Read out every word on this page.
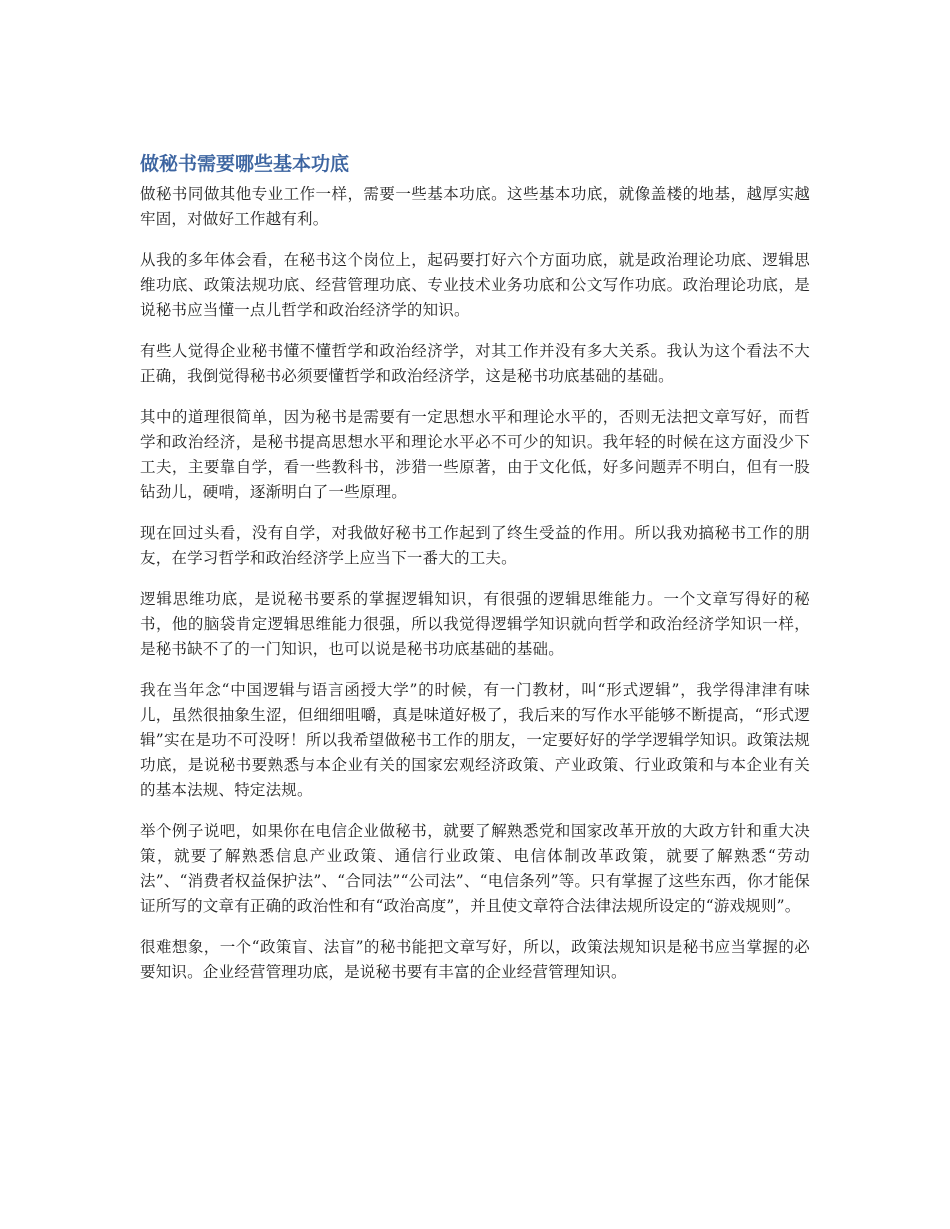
做秘书需要哪些基本功底

做秘书同做其他专业工作一样，需要一些基本功底。这些基本功底，就像盖楼的地基，越厚实越牢固，对做好工作越有利。

从我的多年体会看，在秘书这个岗位上，起码要打好六个方面功底，就是政治理论功底、逻辑思维功底、政策法规功底、经营管理功底、专业技术业务功底和公文写作功底。政治理论功底，是说秘书应当懂一点儿哲学和政治经济学的知识。

有些人觉得企业秘书懂不懂哲学和政治经济学，对其工作并没有多大关系。我认为这个看法不大正确，我倒觉得秘书必须要懂哲学和政治经济学，这是秘书功底基础的基础。

其中的道理很简单，因为秘书是需要有一定思想水平和理论水平的，否则无法把文章写好，而哲学和政治经济，是秘书提高思想水平和理论水平必不可少的知识。我年轻的时候在这方面没少下工夫，主要靠自学，看一些教科书，涉猎一些原著，由于文化低，好多问题弄不明白，但有一股钻劲儿，硬啃，逐渐明白了一些原理。

现在回过头看，没有自学，对我做好秘书工作起到了终生受益的作用。所以我劝搞秘书工作的朋友，在学习哲学和政治经济学上应当下一番大的工夫。

逻辑思维功底，是说秘书要系的掌握逻辑知识，有很强的逻辑思维能力。一个文章写得好的秘书，他的脑袋肯定逻辑思维能力很强，所以我觉得逻辑学知识就向哲学和政治经济学知识一样，是秘书缺不了的一门知识，也可以说是秘书功底基础的基础。

我在当年念“中国逻辑与语言函授大学”的时候，有一门教材，叫“形式逻辑”，我学得津津有味儿，虽然很抽象生涩，但细细咀嚼，真是味道好极了，我后来的写作水平能够不断提高，“形式逻辑”实在是功不可没呀！所以我希望做秘书工作的朋友，一定要好好的学学逻辑学知识。政策法规功底，是说秘书要熟悉与本企业有关的国家宏观经济政策、产业政策、行业政策和与本企业有关的基本法规、特定法规。

举个例子说吧，如果你在电信企业做秘书，就要了解熟悉党和国家改革开放的大政方针和重大决策，就要了解熟悉信息产业政策、通信行业政策、电信体制改革政策，就要了解熟悉“劳动法”、“消费者权益保护法”、“合同法”“公司法”、“电信条列”等。只有掌握了这些东西，你才能保证所写的文章有正确的政治性和有“政治高度”，并且使文章符合法律法规所设定的“游戏规则”。

很难想象，一个“政策盲、法盲”的秘书能把文章写好，所以，政策法规知识是秘书应当掌握的必要知识。企业经营管理功底，是说秘书要有丰富的企业经营管理知识。
